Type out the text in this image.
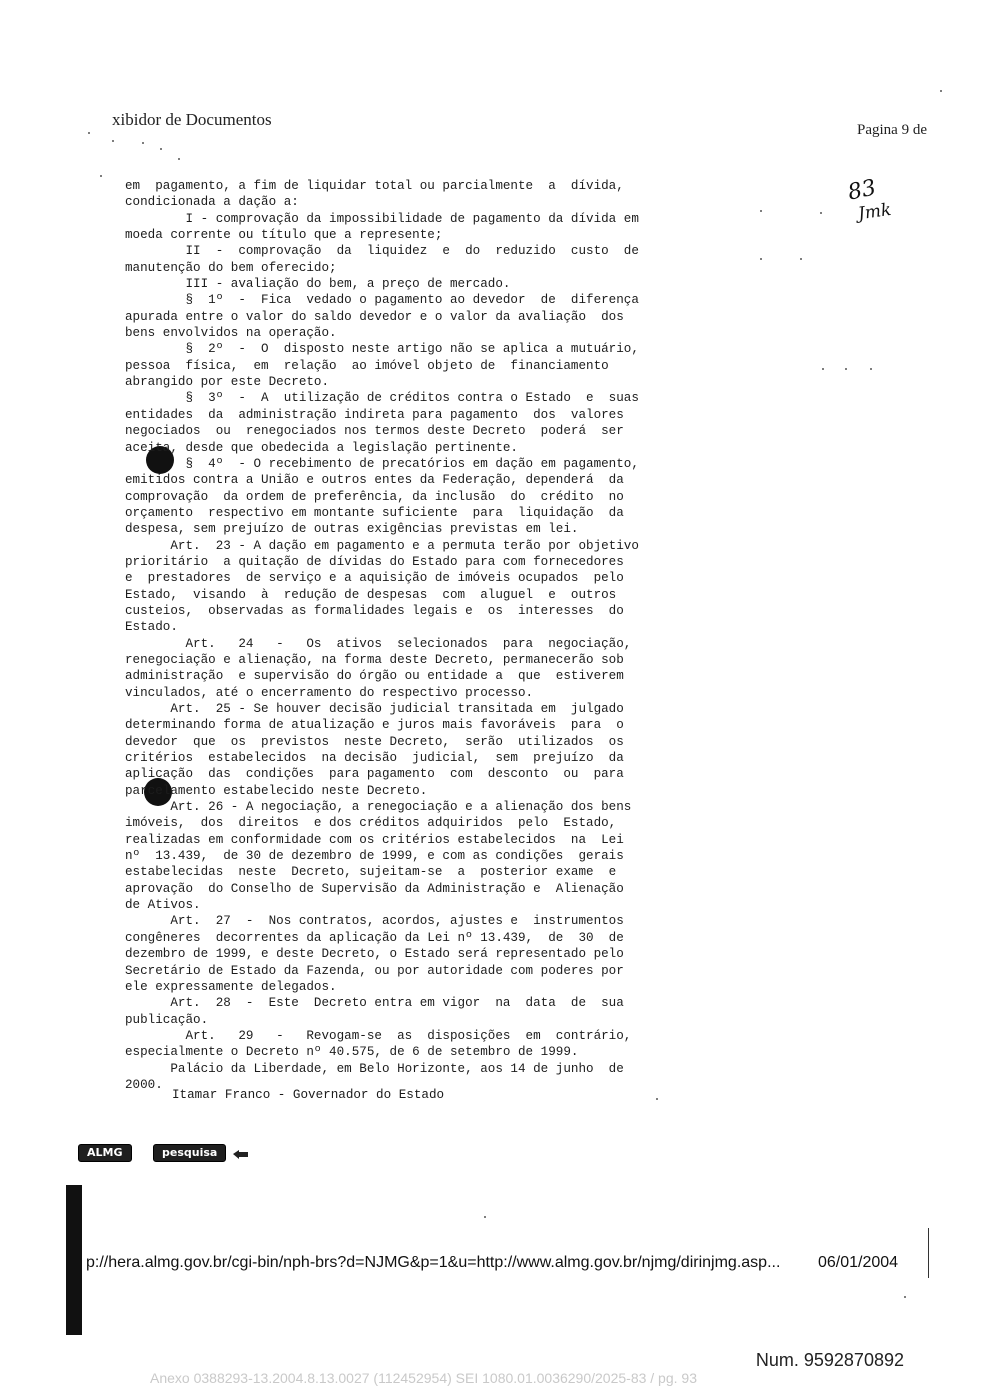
xibidor de Documentos
Pagina 9 de
83
Jmk
em  pagamento, a fim de liquidar total ou parcialmente  a  dívida,
condicionada a dação a:
I - comprovação da impossibilidade de pagamento da dívida em
moeda corrente ou título que a represente;
II  -  comprovação  da  liquidez  e  do  reduzido  custo  de
manutenção do bem oferecido;
III - avaliação do bem, a preço de mercado.
§  1º  -  Fica  vedado o pagamento ao devedor  de  diferença
apurada entre o valor do saldo devedor e o valor da avaliação  dos
bens envolvidos na operação.
§  2º  -  O  disposto neste artigo não se aplica a mutuário,
pessoa  física,  em  relação  ao imóvel objeto de  financiamento
abrangido por este Decreto.
§  3º  -  A  utilização de créditos contra o Estado  e  suas
entidades  da  administração indireta para pagamento  dos  valores
negociados  ou  renegociados nos termos deste Decreto  poderá  ser
aceita, desde que obedecida a legislação pertinente.
§  4º  - O recebimento de precatórios em dação em pagamento,
emitidos contra a União e outros entes da Federação, dependerá  da
comprovação  da ordem de preferência, da inclusão  do  crédito  no
orçamento  respectivo em montante suficiente  para  liquidação  da
despesa, sem prejuízo de outras exigências previstas em lei.
Art.  23 - A dação em pagamento e a permuta terão por objetivo
prioritário  a quitação de dívidas do Estado para com fornecedores
e  prestadores  de serviço e a aquisição de imóveis ocupados  pelo
Estado,  visando  à  redução de despesas  com  aluguel  e  outros
custeios,  observadas as formalidades legais e  os  interesses  do
Estado.
Art.   24   -   Os  ativos  selecionados  para  negociação,
renegociação e alienação, na forma deste Decreto, permanecerão sob
administração  e supervisão do órgão ou entidade a  que  estiverem
vinculados, até o encerramento do respectivo processo.
Art.  25 - Se houver decisão judicial transitada em  julgado
determinando forma de atualização e juros mais favoráveis  para  o
devedor  que  os  previstos  neste Decreto,  serão  utilizados  os
critérios  estabelecidos  na decisão  judicial,  sem  prejuízo  da
aplicação  das  condições  para pagamento  com  desconto  ou  para
parcelamento estabelecido neste Decreto.
Art. 26 - A negociação, a renegociação e a alienação dos bens
imóveis,  dos  direitos  e dos créditos adquiridos  pelo  Estado,
realizadas em conformidade com os critérios estabelecidos  na  Lei
nº  13.439,  de 30 de dezembro de 1999, e com as condições  gerais
estabelecidas  neste  Decreto, sujeitam-se  a  posterior exame  e
aprovação  do Conselho de Supervisão da Administração e  Alienação
de Ativos.
Art.  27  -  Nos contratos, acordos, ajustes e  instrumentos
congêneres  decorrentes da aplicação da Lei nº 13.439,  de  30  de
dezembro de 1999, e deste Decreto, o Estado será representado pelo
Secretário de Estado da Fazenda, ou por autoridade com poderes por
ele expressamente delegados.
Art.  28  -  Este  Decreto entra em vigor  na  data  de  sua
publicação.
Art.   29   -   Revogam-se  as  disposições  em  contrário,
especialmente o Decreto nº 40.575, de 6 de setembro de 1999.
Palácio da Liberdade, em Belo Horizonte, aos 14 de junho  de
2000.
Itamar Franco - Governador do Estado
ALMG	pesquisa
p://hera.almg.gov.br/cgi-bin/nph-brs?d=NJMG&p=1&u=http://www.almg.gov.br/njmg/dirinjmg.asp... 06/01/2004
Num. 9592870892
Anexo 0388293-13.2004.8.13.0027 (112452954) SEI 1080.01.0036290/2025-83 / pg. 93
